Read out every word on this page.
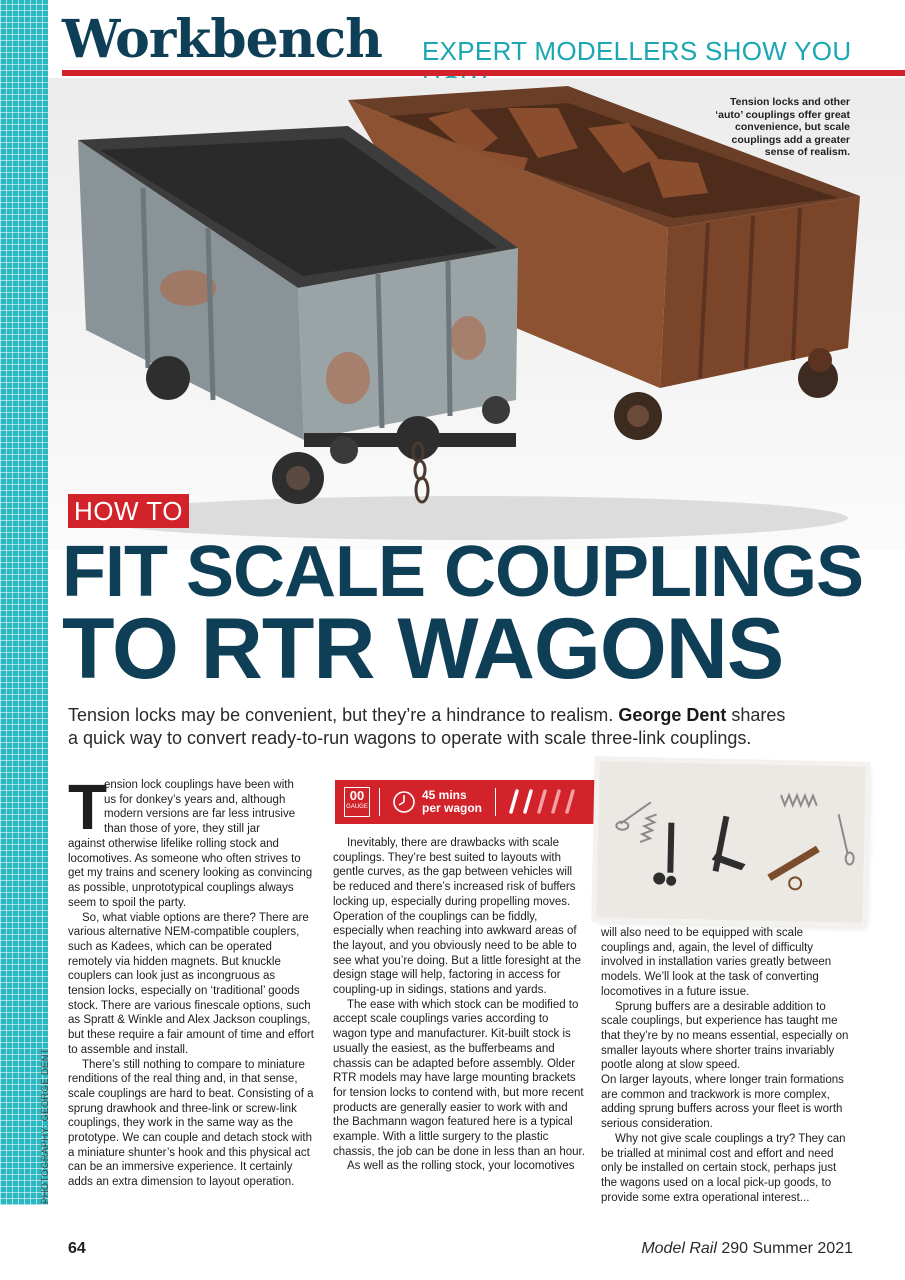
Workbench EXPERT MODELLERS SHOW YOU
Tension locks and other
‘auto’ couplings offer great
convenience, but scale
couplings add a greater
sense of realism.
HOW TO
FIT SCALE COUPLINGS
TO RTR WAGONS

Tension locks may be convenient, but they’re a hindrance to realism. George Dent shares

a quick way to convert ready-to-run wagons to operate with scale three-link couplings.

T
ension lock couplings have been with
us for donkey’s years and, although
modern versions are far less intrusive
than those of yore, they still jar

against otherwise lifelike rolling stock and locomotives. As someone who often strives to get my trains and scenery looking as convincing as possible, unprototypical couplings always seem to spoil the party.

So, what viable options are there? There are various alternative NEM-compatible couplers, such as Kadees, which can be operated remotely via hidden magnets. But knuckle couplers can look just as incongruous as tension locks, especially on ‘traditional’ goods stock. There are various finescale options, such as Spratt & Winkle and Alex Jackson couplings, but these require a fair amount of time and effort to assemble and install.

There’s still nothing to compare to miniature renditions of the real thing and, in that sense, scale couplings are hard to beat. Consisting of a sprung drawhook and three-link or screw-link couplings, they work in the same way as the prototype. We can couple and detach stock with a miniature shunter’s hook and this physical act can be an immersive experience. It certainly adds an extra dimension to layout operation.

00
GAUGE
45 mins
per wagon

Inevitably, there are drawbacks with scale couplings. They’re best suited to layouts with gentle curves, as the gap between vehicles will be reduced and there’s increased risk of buffers locking up, especially during propelling moves. Operation of the couplings can be fiddly, especially when reaching into awkward areas of the layout, and you obviously need to be able to see what you’re doing. But a little foresight at the design stage will help, factoring in access for coupling-up in sidings, stations and yards.

The ease with which stock can be modified to accept scale couplings varies according to wagon type and manufacturer. Kit-built stock is usually the easiest, as the bufferbeams and chassis can be adapted before assembly. Older RTR models may have large mounting brackets for tension locks to contend with, but more recent products are generally easier to work with and the Bachmann wagon featured here is a typical example. With a little surgery to the plastic chassis, the job can be done in less than an hour.

As well as the rolling stock, your locomotives

will also need to be equipped with scale couplings and, again, the level of difficulty involved in installation varies greatly between models. We’ll look at the task of converting locomotives in a future issue.

Sprung buffers are a desirable addition to scale couplings, but experience has taught me that they’re by no means essential, especially on smaller layouts where shorter trains invariably pootle along at slow speed.

On larger layouts, where longer train formations are common and trackwork is more complex, adding sprung buffers across your fleet is worth serious consideration.

Why not give scale couplings a try? They can be trialled at minimal cost and effort and need only be installed on certain stock, perhaps just the wagons used on a local pick-up goods, to provide some extra operational interest...

PHOTOGRAPHY: GEORGE DENT
64	Model Rail 290 Summer 2021
